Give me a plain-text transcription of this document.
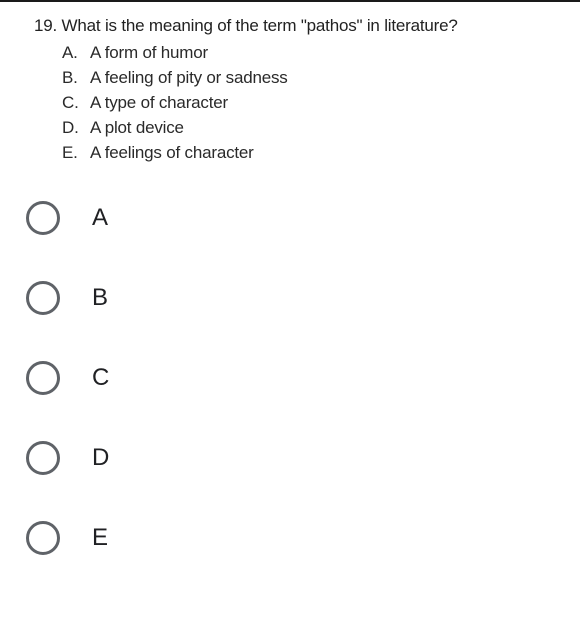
19. What is the meaning of the term "pathos" in literature?
A. A form of humor
B. A feeling of pity or sadness
C. A type of character
D. A plot device
E. A feelings of character
A
B
C
D
E
